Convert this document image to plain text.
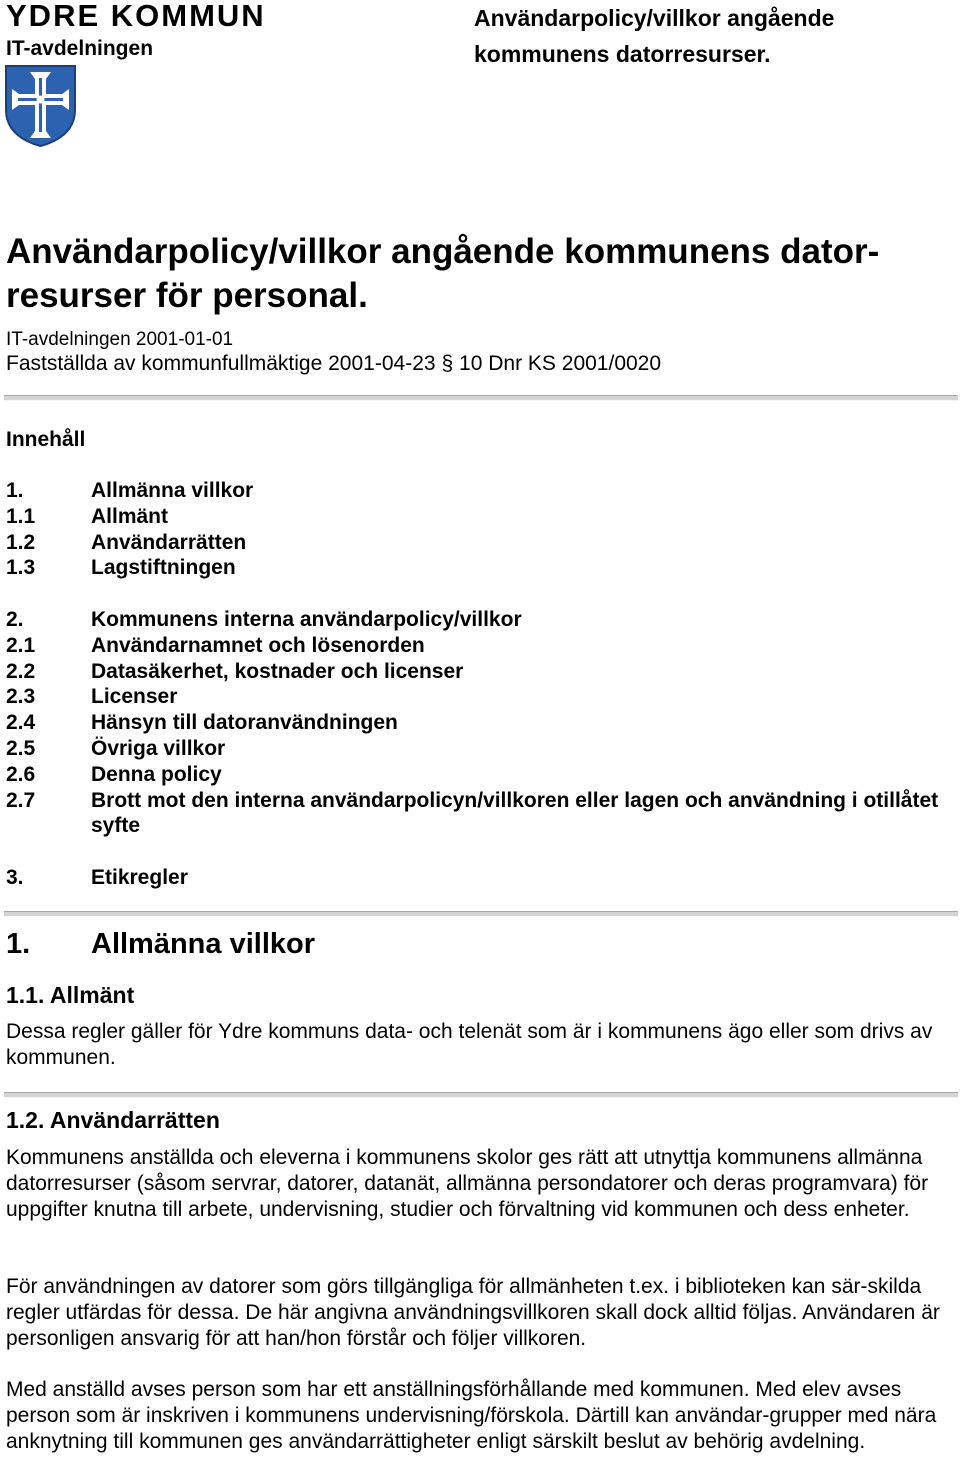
YDRE KOMMUN
IT-avdelningen
Användarpolicy/villkor angående kommunens datorresurser.
Användarpolicy/villkor angående kommunens dator-resurser för personal.
IT-avdelningen 2001-01-01
Fastställda av kommunfullmäktige 2001-04-23 § 10 Dnr KS 2001/0020
Innehåll
1.	Allmänna villkor
1.1	Allmänt
1.2	Användarrätten
1.3	Lagstiftningen
2.	Kommunens interna användarpolicy/villkor
2.1	Användarnamnet och lösenorden
2.2	Datasäkerhet, kostnader och licenser
2.3	Licenser
2.4	Hänsyn till datoranvändningen
2.5	Övriga villkor
2.6	Denna policy
2.7	Brott mot den interna användarpolicyn/villkoren eller lagen och användning i otillåtet syfte
3.	Etikregler
1. Allmänna villkor
1.1. Allmänt

Dessa regler gäller för Ydre kommuns data- och telenät som är i kommunens ägo eller som drivs av kommunen.

1.2. Användarrätten

Kommunens anställda och eleverna i kommunens skolor ges rätt att utnyttja kommunens allmänna datorresurser (såsom servrar, datorer, datanät, allmänna persondatorer och deras programvara) för uppgifter knutna till arbete, undervisning, studier och förvaltning vid kommunen och dess enheter.

För användningen av datorer som görs tillgängliga för allmänheten t.ex. i biblioteken kan sär-skilda regler utfärdas för dessa. De här angivna användningsvillkoren skall dock alltid följas. Användaren är personligen ansvarig för att han/hon förstår och följer villkoren.

Med anställd avses person som har ett anställningsförhållande med kommunen. Med elev avses person som är inskriven i kommunens undervisning/förskola. Därtill kan användar-grupper med nära anknytning till kommunen ges användarrättigheter enligt särskilt beslut av behörig avdelning.
